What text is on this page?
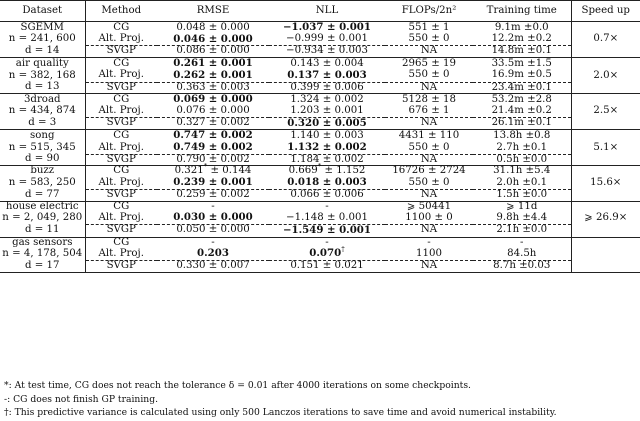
Dataset	Method	RMSE	NLL	FLOPs/2n²	Training time	Speed up
SGEMM	CG	0.048 ± 0.000	−1.037 ± 0.001	551 ± 1	9.1m ±0.0	
n = 241, 600	Alt. Proj.	0.046 ± 0.000	−0.999 ± 0.001	550 ± 0	12.2m ±0.2	0.7×
d = 14	SVGP	0.086 ± 0.000	−0.934 ± 0.003	NA	14.8m ±0.1	
air quality	CG	0.261 ± 0.001	0.143 ± 0.004	2965 ± 19	33.5m ±1.5	
n = 382, 168	Alt. Proj.	0.262 ± 0.001	0.137 ± 0.003	550 ± 0	16.9m ±0.5	2.0×
d = 13	SVGP	0.363 ± 0.003	0.399 ± 0.006	NA	23.4m ±0.1	
3droad	CG	0.069 ± 0.000	1.324 ± 0.002	5128 ± 18	53.2m ±2.8	
n = 434, 874	Alt. Proj.	0.076 ± 0.000	1.203 ± 0.001	676 ± 1	21.4m ±0.2	2.5×
d = 3	SVGP	0.327 ± 0.002	0.320 ± 0.005	NA	26.1m ±0.1	
song	CG	0.747 ± 0.002	1.140 ± 0.003	4431 ± 110	13.8h ±0.8	
n = 515, 345	Alt. Proj.	0.749 ± 0.002	1.132 ± 0.002	550 ± 0	2.7h ±0.1	5.1×
d = 90	SVGP	0.790 ± 0.002	1.184 ± 0.002	NA	0.5h ±0.0	
buzz	CG	0.321* ± 0.144	0.669* ± 1.152	16726 ± 2724	31.1h ±5.4	
n = 583, 250	Alt. Proj.	0.239 ± 0.001	0.018 ± 0.003	550 ± 0	2.0h ±0.1	15.6×
d = 77	SVGP	0.259 ± 0.002	0.066 ± 0.006	NA	1.5h ±0.0	
house electric	CG	-	-	⩾ 50441	⩾ 11d	
n = 2, 049, 280	Alt. Proj.	0.030 ± 0.000	−1.148 ± 0.001	1100 ± 0	9.8h ±4.4	⩾ 26.9×
d = 11	SVGP	0.050 ± 0.000	−1.549 ± 0.001	NA	2.1h ±0.0	
gas sensors	CG	-	-	-	-	
n = 4, 178, 504	Alt. Proj.	0.203	0.070†	1100	84.5h	
d = 17	SVGP	0.330 ± 0.007	0.151 ± 0.021	NA	8.7h ±0.03	
*: At test time, CG does not reach the tolerance δ = 0.01 after 4000 iterations on some checkpoints.
-: CG does not finish GP training.
†: This predictive variance is calculated using only 500 Lanczos iterations to save time and avoid numerical instability.
